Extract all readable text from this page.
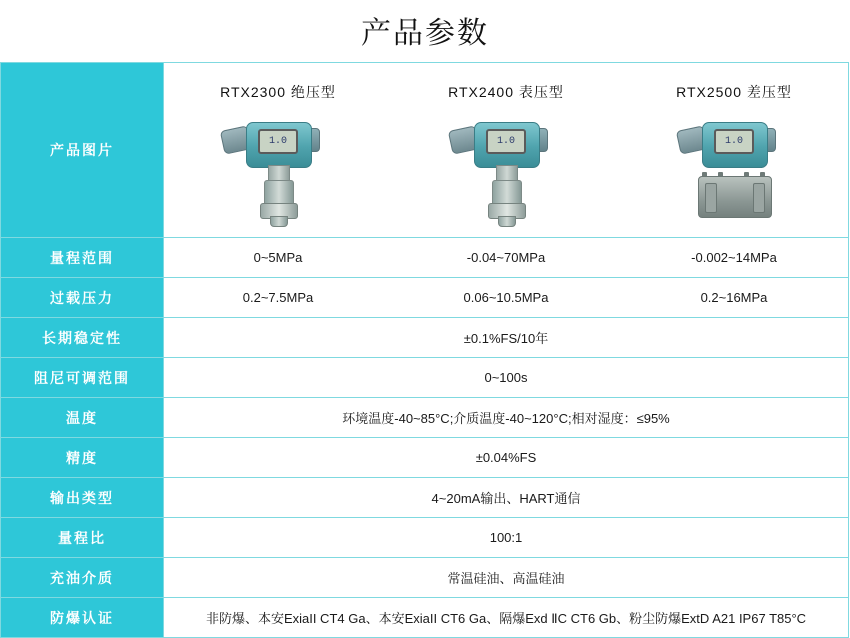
产品参数
产品图片	
RTX2300 绝压型
1.0
RTX2400 表压型
1.0
RTX2500 差压型
1.0

量程范围	0~5MPa -0.04~70MPa -0.002~14MPa

过载压力	0.2~7.5MPa 0.06~10.5MPa 0.2~16MPa

长期稳定性	±0.1%FS/10年
阻尼可调范围	0~100s
温度	环境温度-40~85°C;介质温度-40~120°C;相对湿度：≤95%
精度	±0.04%FS
输出类型	4~20mA输出、HART通信
量程比	100:1
充油介质	常温硅油、高温硅油
防爆认证	非防爆、本安ExiaII CT4 Ga、本安ExiaII CT6 Ga、隔爆Exd ⅡC CT6 Gb、粉尘防爆ExtD A21 IP67 T85°C
